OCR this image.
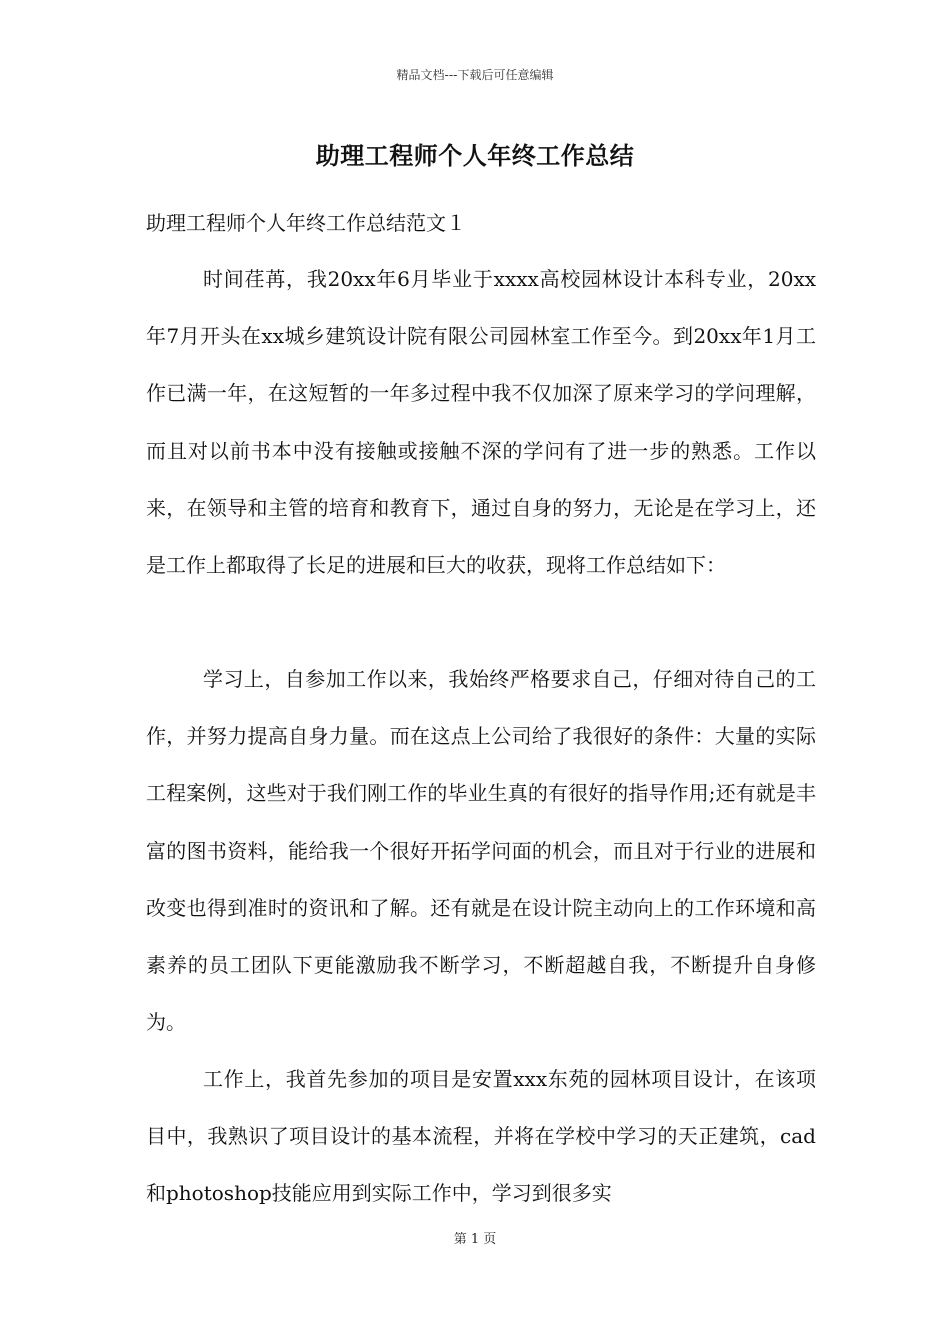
精品文档---下载后可任意编辑
助理工程师个人年终工作总结
助理工程师个人年终工作总结范文１

时间荏苒，我20xx年6月毕业于xxxx高校园林设计本科专业，20xx年7月开头在xx城乡建筑设计院有限公司园林室工作至今。到20xx年1月工作已满一年，在这短暂的一年多过程中我不仅加深了原来学习的学问理解，而且对以前书本中没有接触或接触不深的学问有了进一步的熟悉。工作以来，在领导和主管的培育和教育下，通过自身的努力，无论是在学习上，还是工作上都取得了长足的进展和巨大的收获，现将工作总结如下：

学习上，自参加工作以来，我始终严格要求自己，仔细对待自己的工作，并努力提高自身力量。而在这点上公司给了我很好的条件：大量的实际工程案例，这些对于我们刚工作的毕业生真的有很好的指导作用;还有就是丰富的图书资料，能给我一个很好开拓学问面的机会，而且对于行业的进展和改变也得到准时的资讯和了解。还有就是在设计院主动向上的工作环境和高素养的员工团队下更能激励我不断学习，不断超越自我，不断提升自身修为。

工作上，我首先参加的项目是安置xxx东苑的园林项目设计，在该项目中，我熟识了项目设计的基本流程，并将在学校中学习的天正建筑，cad和photoshop技能应用到实际工作中，学习到很多实

第 1 页
